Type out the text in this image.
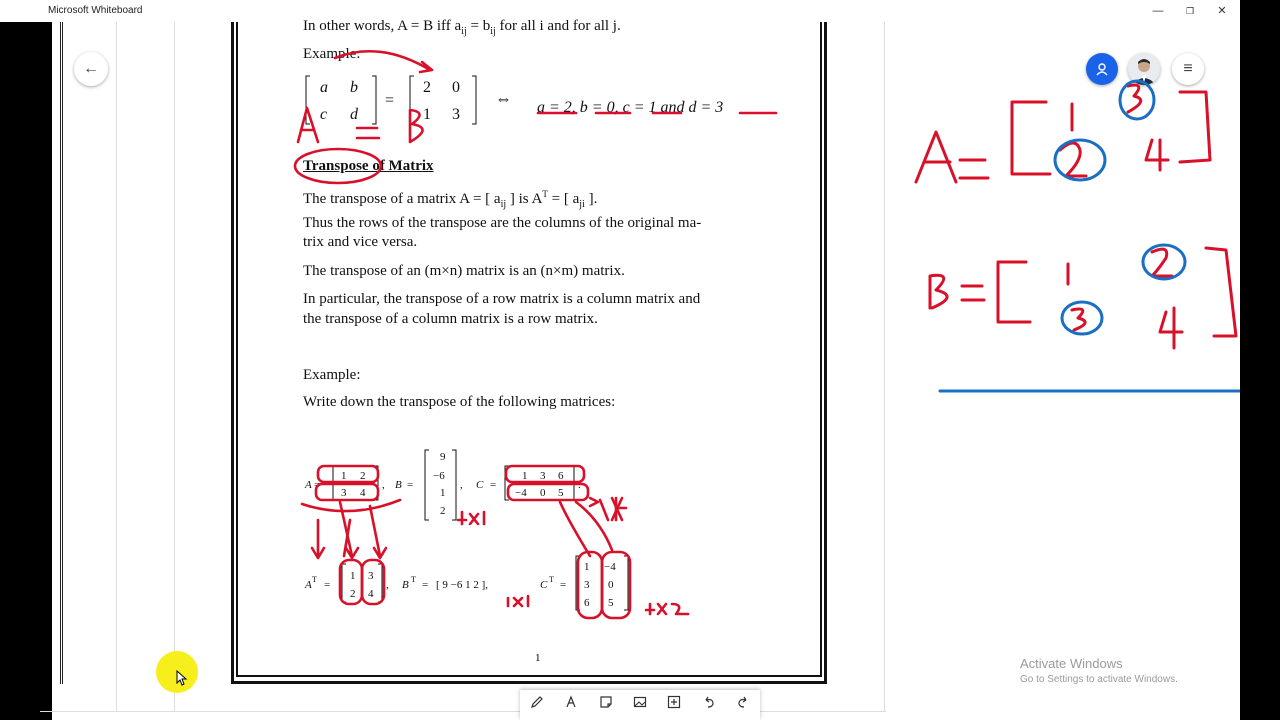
Microsoft Whiteboard	—	❐	✕
←	≡
In other words, A = B iff $a_{ij} = b_{ij}$ for all i and for all j.
Example:
a = 2, b = 0, c = 1 and d = 3
Transpose of Matrix
The transpose of a matrix A = [ $a_{ij}$ ] is $A^T$ = [ $a_{ji}$ ].
Thus the rows of the transpose are the columns of the original ma-
trix and vice versa.
The transpose of an (m×n) matrix is an (n×m) matrix.
In particular, the transpose of a row matrix is a column matrix and
the transpose of a column matrix is a row matrix.
Example:
Write down the transpose of the following matrices:
a b
c d
=
2 0
1 3
⇔
A =
1 2
3 4
, B =
9
−6
1
2
, C =
1 3 6
−4 0 5
.
A T =
1 3
2 4
, B T = [ 9 −6 1 2 ],	C T =
1 −4
3 0
6 5
1	Activate Windows
Go to Settings to activate Windows.
